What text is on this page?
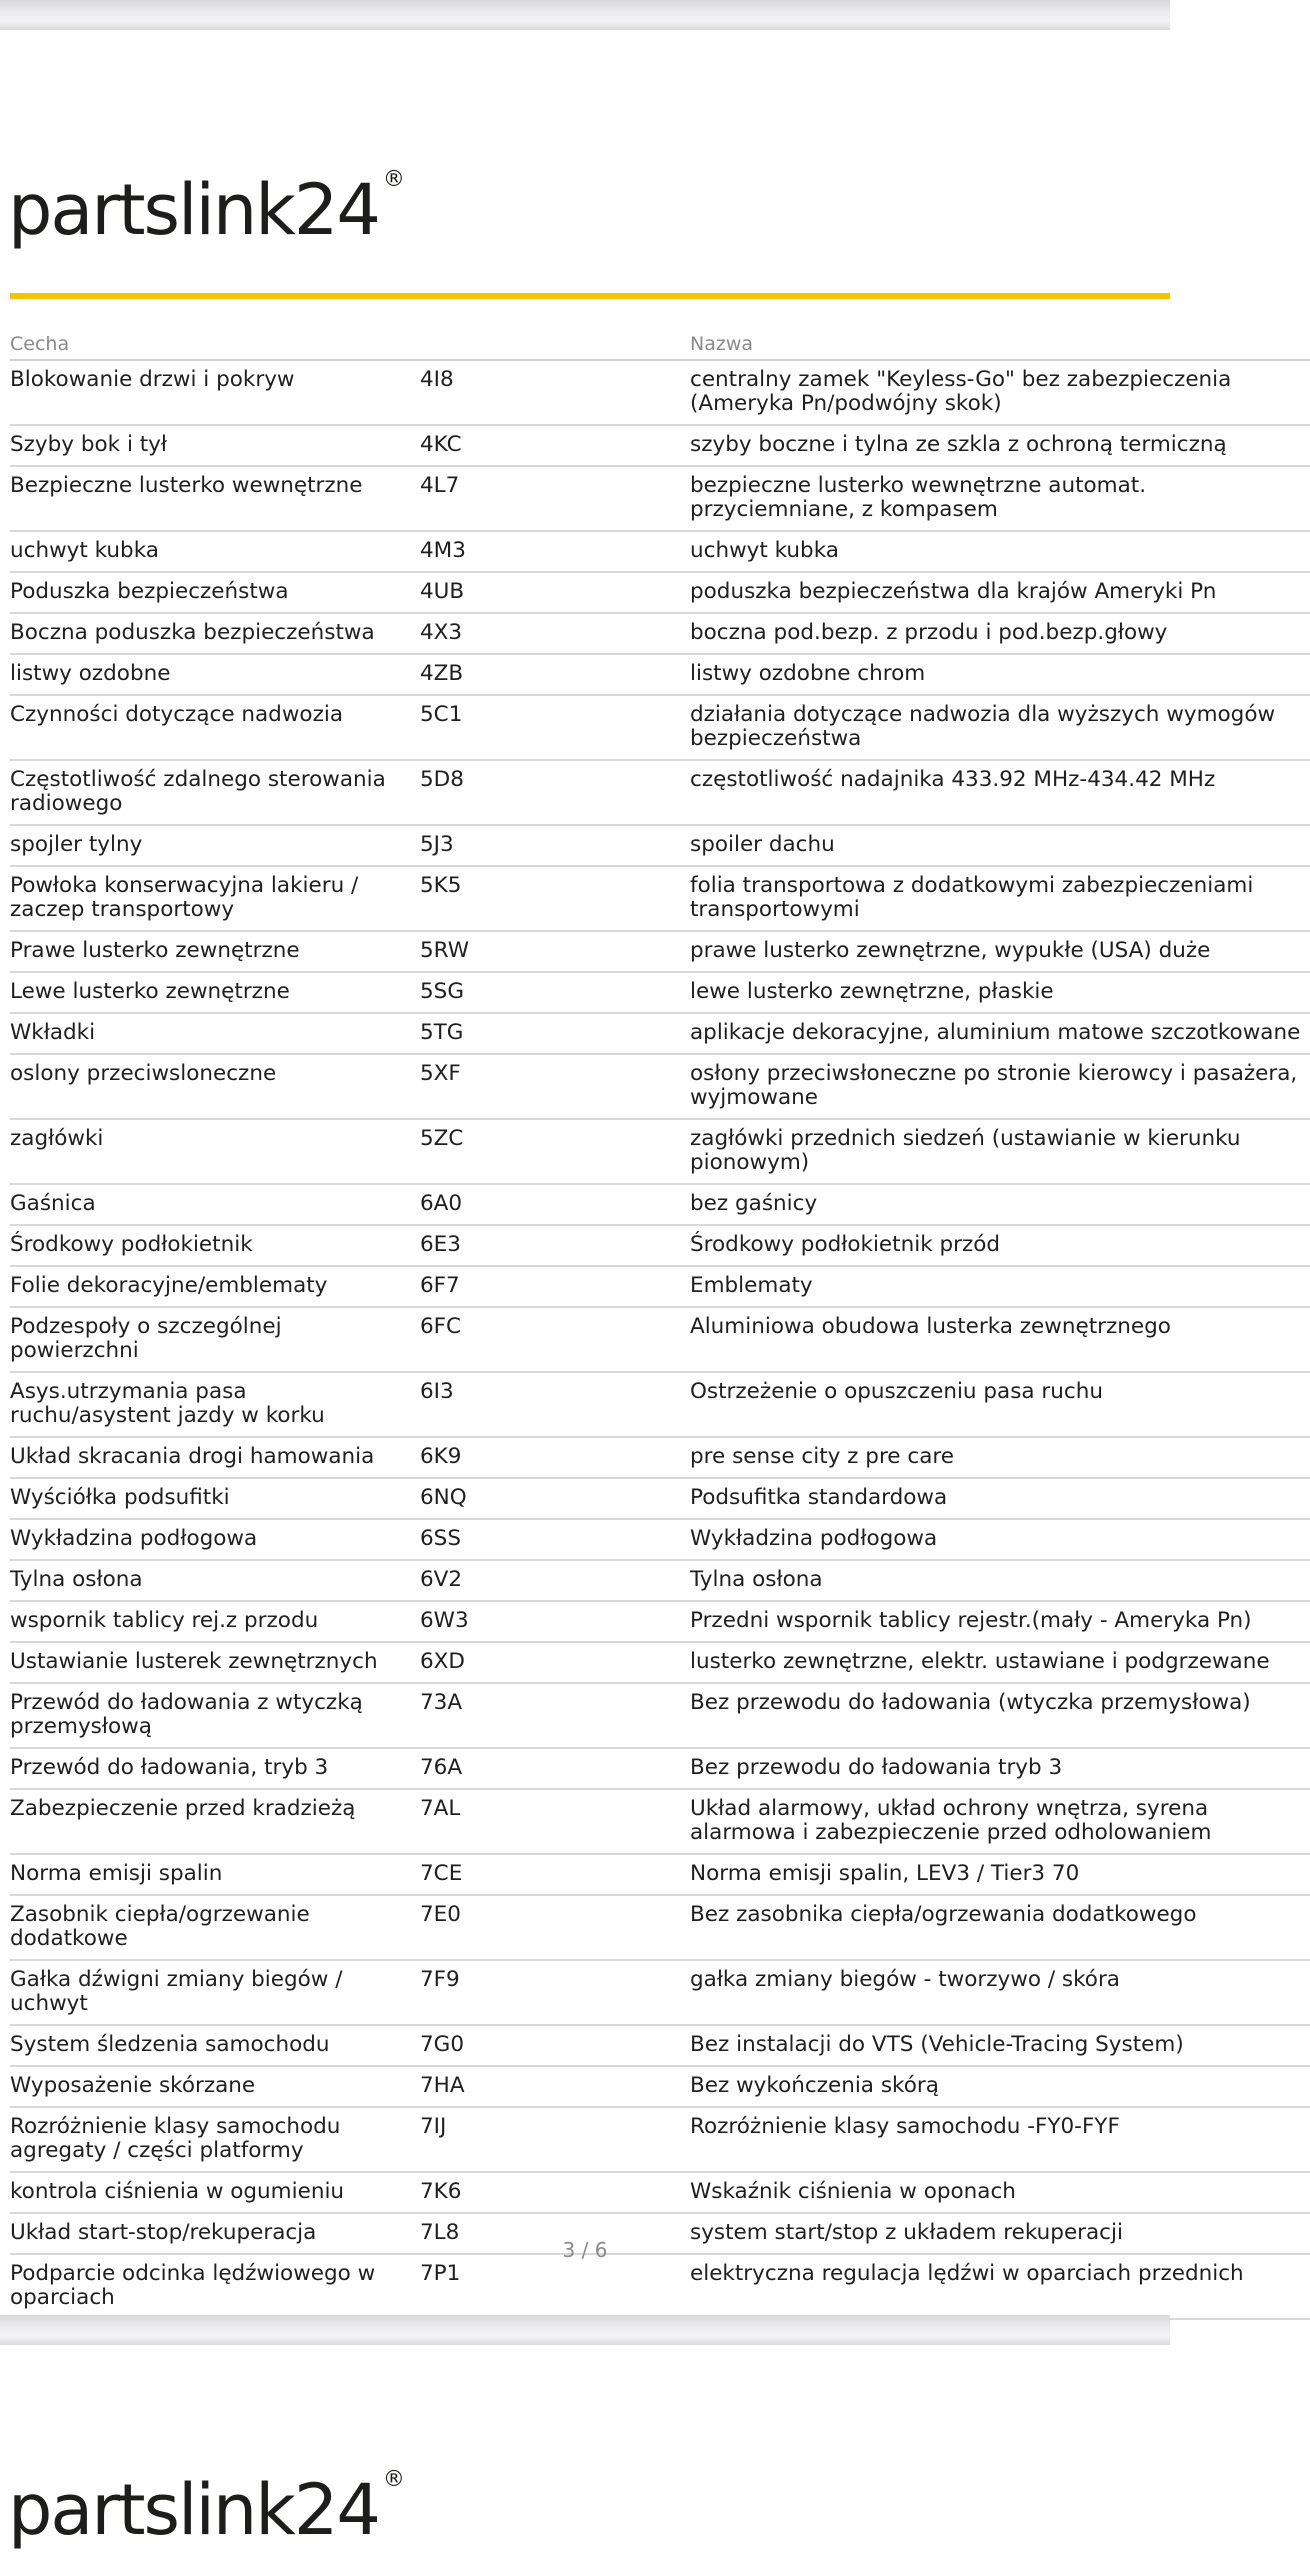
partslink24 ®
Cecha		Nazwa
Blokowanie drzwi i pokryw	4I8	centralny zamek "Keyless-Go" bez zabezpieczenia (Ameryka Pn/podwójny skok)
Szyby bok i tył	4KC	szyby boczne i tylna ze szkla z ochroną termiczną
Bezpieczne lusterko wewnętrzne	4L7	bezpieczne lusterko wewnętrzne automat. przyciemniane, z kompasem
uchwyt kubka	4M3	uchwyt kubka
Poduszka bezpieczeństwa	4UB	poduszka bezpieczeństwa dla krajów Ameryki Pn
Boczna poduszka bezpieczeństwa	4X3	boczna pod.bezp. z przodu i pod.bezp.głowy
listwy ozdobne	4ZB	listwy ozdobne chrom
Czynności dotyczące nadwozia	5C1	działania dotyczące nadwozia dla wyższych wymogów bezpieczeństwa
Częstotliwość zdalnego sterowania radiowego	5D8	częstotliwość nadajnika 433.92 MHz-434.42 MHz
spojler tylny	5J3	spoiler dachu
Powłoka konserwacyjna lakieru / zaczep transportowy	5K5	folia transportowa z dodatkowymi zabezpieczeniami transportowymi
Prawe lusterko zewnętrzne	5RW	prawe lusterko zewnętrzne, wypukłe (USA) duże
Lewe lusterko zewnętrzne	5SG	lewe lusterko zewnętrzne, płaskie
Wkładki	5TG	aplikacje dekoracyjne, aluminium matowe szczotkowane
oslony przeciwsloneczne	5XF	osłony przeciwsłoneczne po stronie kierowcy i pasażera, wyjmowane
zagłówki	5ZC	zagłówki przednich siedzeń (ustawianie w kierunku pionowym)
Gaśnica	6A0	bez gaśnicy
Środkowy podłokietnik	6E3	Środkowy podłokietnik przód
Folie dekoracyjne/emblematy	6F7	Emblematy
Podzespoły o szczególnej powierzchni	6FC	Aluminiowa obudowa lusterka zewnętrznego
Asys.utrzymania pasa ruchu/asystent jazdy w korku	6I3	Ostrzeżenie o opuszczeniu pasa ruchu
Układ skracania drogi hamowania	6K9	pre sense city z pre care
Wyściółka podsufitki	6NQ	Podsufitka standardowa
Wykładzina podłogowa	6SS	Wykładzina podłogowa
Tylna osłona	6V2	Tylna osłona
wspornik tablicy rej.z przodu	6W3	Przedni wspornik tablicy rejestr.(mały - Ameryka Pn)
Ustawianie lusterek zewnętrznych	6XD	lusterko zewnętrzne, elektr. ustawiane i podgrzewane
Przewód do ładowania z wtyczką przemysłową	73A	Bez przewodu do ładowania (wtyczka przemysłowa)
Przewód do ładowania, tryb 3	76A	Bez przewodu do ładowania tryb 3
Zabezpieczenie przed kradzieżą	7AL	Układ alarmowy, układ ochrony wnętrza, syrena alarmowa i zabezpieczenie przed odholowaniem
Norma emisji spalin	7CE	Norma emisji spalin, LEV3 / Tier3 70
Zasobnik ciepła/ogrzewanie dodatkowe	7E0	Bez zasobnika ciepła/ogrzewania dodatkowego
Gałka dźwigni zmiany biegów / uchwyt	7F9	gałka zmiany biegów - tworzywo / skóra
System śledzenia samochodu	7G0	Bez instalacji do VTS (Vehicle-Tracing System)
Wyposażenie skórzane	7HA	Bez wykończenia skórą
Rozróżnienie klasy samochodu agregaty / części platformy	7IJ	Rozróżnienie klasy samochodu -FY0-FYF
kontrola ciśnienia w ogumieniu	7K6	Wskaźnik ciśnienia w oponach
Układ start-stop/rekuperacja	7L8	system start/stop z układem rekuperacji
Podparcie odcinka lędźwiowego w oparciach	7P1	elektryczna regulacja lędźwi w oparciach przednich
3 / 6
partslink24 ®
